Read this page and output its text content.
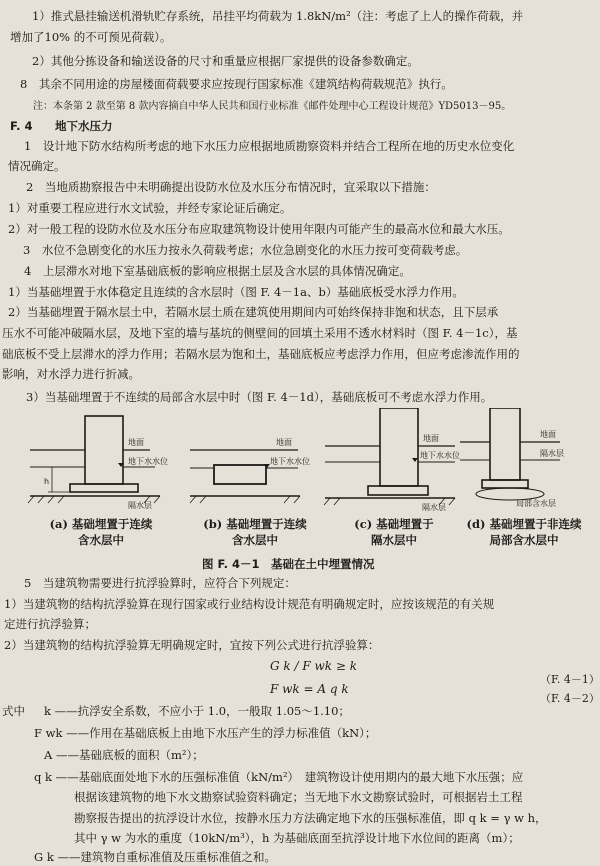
1）推式悬挂输送机滑轨贮存系统，吊挂平均荷载为 1.8kN/m²（注：考虑了上人的操作荷载，并
增加了10% 的不可预见荷载）。
2）其他分拣设备和输送设备的尺寸和重量应根据厂家提供的设备参数确定。
8　其余不同用途的房屋楼面荷载要求应按现行国家标准《建筑结构荷载规范》执行。
注：本条第 2 款至第 8 款内容摘自中华人民共和国行业标准《邮件处理中心工程设计规范》YD5013－95。
F. 4 地下水压力
1　设计地下防水结构所考虑的地下水压力应根据地质勘察资料并结合工程所在地的历史水位变化
情况确定。
2　当地质勘察报告中未明确提出设防水位及水压分布情况时，宜采取以下措施：
1）对重要工程应进行水文试验，并经专家论证后确定。
2）对一般工程的设防水位及水压分布应取建筑物设计使用年限内可能产生的最高水位和最大水压。
3　水位不急剧变化的水压力按永久荷载考虑；水位急剧变化的水压力按可变荷载考虑。
4　上层滞水对地下室基础底板的影响应根据土层及含水层的具体情况确定。
1）当基础埋置于水体稳定且连续的含水层时（图 F. 4－1a、b）基础底板受水浮力作用。
2）当基础埋置于隔水层土中，若隔水层土质在建筑使用期间内可始终保持非饱和状态，且下层承
压水不可能冲破隔水层，及地下室的墙与基坑的侧壁间的回填土采用不透水材料时（图 F. 4－1c），基
础底板不受上层滞水的浮力作用；若隔水层为饱和土，基础底板应考虑浮力作用，但应考虑渗流作用的
影响，对水浮力进行折减。
3）当基础埋置于不连续的局部含水层中时（图 F. 4－1d），基础底板可不考虑水浮力作用。
地面
地下水水位
隔水层
h
地面
地下水水位
地面
地下水水位
隔水层
地面
隔水层
局部含水层
(a) 基础埋置于连续
含水层中
(b) 基础埋置于连续
含水层中
(c) 基础埋置于
隔水层中
(d) 基础埋置于非连续
局部含水层中
图 F. 4－1　基础在土中埋置情况
5　当建筑物需要进行抗浮验算时，应符合下列规定：
1）当建筑物的结构抗浮验算在现行国家或行业结构设计规范有明确规定时，应按该规范的有关规
定进行抗浮验算；
2）当建筑物的结构抗浮验算无明确规定时，宜按下列公式进行抗浮验算：
G k / F wk ≥ k
（F. 4－1）
F wk = A q k
（F. 4－2）
式中 k ——抗浮安全系数，不应小于 1.0，一般取 1.05～1.10；
F wk ——作用在基础底板上由地下水压产生的浮力标准值（kN）；
A ——基础底板的面积（m²）；
q k ——基础底面处地下水的压强标准值（kN/m²）　建筑物设计使用期内的最大地下水压强；应
根据该建筑物的地下水文勘察试验资料确定；当无地下水文勘察试验时，可根据岩土工程
勘察报告提出的抗浮设计水位，按静水压力方法确定地下水的压强标准值，即 q k = γ w h，
其中 γ w 为水的重度（10kN/m³），h 为基础底面至抗浮设计地下水位间的距离（m）；
G k ——建筑物自重标准值及压重标准值之和。
